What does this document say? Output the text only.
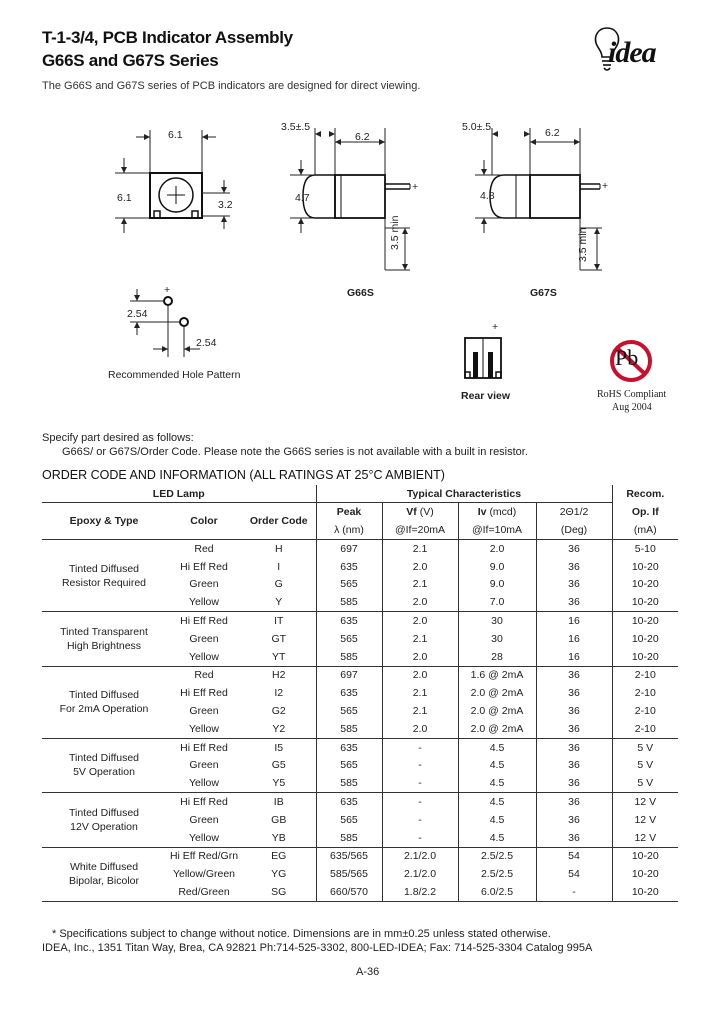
T-1-3/4, PCB Indicator Assembly
G66S and G67S Series
The G66S and G67S series of PCB indicators are designed for direct viewing.
idea
6.1
6.1
3.2
3.5±.5
6.2
4.7
+
3.5 min
G66S
5.0±.5	6.2
4.8
+
3.5 min
G67S
+
2.54
2.54
Recommended Hole Pattern
+
Rear view
Pb
RoHS Compliant
Aug 2004
Specify part desired as follows:
G66S/ or G67S/Order Code. Please note the G66S series is not available with a built in resistor.
ORDER CODE AND INFORMATION (ALL RATINGS AT 25°C AMBIENT)
LED Lamp			Typical Characteristics				Recom.
Epoxy & Type	Color	Order Code	Peak	Vf (V)	Iv (mcd)	2Θ1/2	Op. If
			λ (nm)	@If=20mA	@If=10mA	(Deg)	(mA)

Tinted Diffused
Resistor Required	Red	H	697	2.1	2.0	36	5-10
	Hi Eff Red	I	635	2.0	9.0	36	10-20
	Green	G	565	2.1	9.0	36	10-20
	Yellow	Y	585	2.0	7.0	36	10-20

Tinted Transparent
High Brightness	Hi Eff Red	IT	635	2.0	30	16	10-20
	Green	GT	565	2.1	30	16	10-20
	Yellow	YT	585	2.0	28	16	10-20

Tinted Diffused
For 2mA Operation	Red	H2	697	2.0	1.6 @ 2mA	36	2-10
	Hi Eff Red	I2	635	2.1	2.0 @ 2mA	36	2-10
	Green	G2	565	2.1	2.0 @ 2mA	36	2-10
	Yellow	Y2	585	2.0	2.0 @ 2mA	36	2-10

Tinted Diffused
5V Operation	Hi Eff Red	I5	635	-	4.5	36	5 V
	Green	G5	565	-	4.5	36	5 V
	Yellow	Y5	585	-	4.5	36	5 V

Tinted Diffused
12V Operation	Hi Eff Red	IB	635	-	4.5	36	12 V
	Green	GB	565	-	4.5	36	12 V
	Yellow	YB	585	-	4.5	36	12 V

White Diffused
Bipolar, Bicolor	Hi Eff Red/Grn	EG	635/565	2.1/2.0	2.5/2.5	54	10-20
	Yellow/Green	YG	585/565	2.1/2.0	2.5/2.5	54	10-20
	Red/Green	SG	660/570	1.8/2.2	6.0/2.5	-	10-20
* Specifications subject to change without notice. Dimensions are in mm±0.25 unless stated otherwise.
IDEA, Inc., 1351 Titan Way, Brea, CA 92821 Ph:714-525-3302, 800-LED-IDEA; Fax: 714-525-3304 Catalog 995A
A-36
